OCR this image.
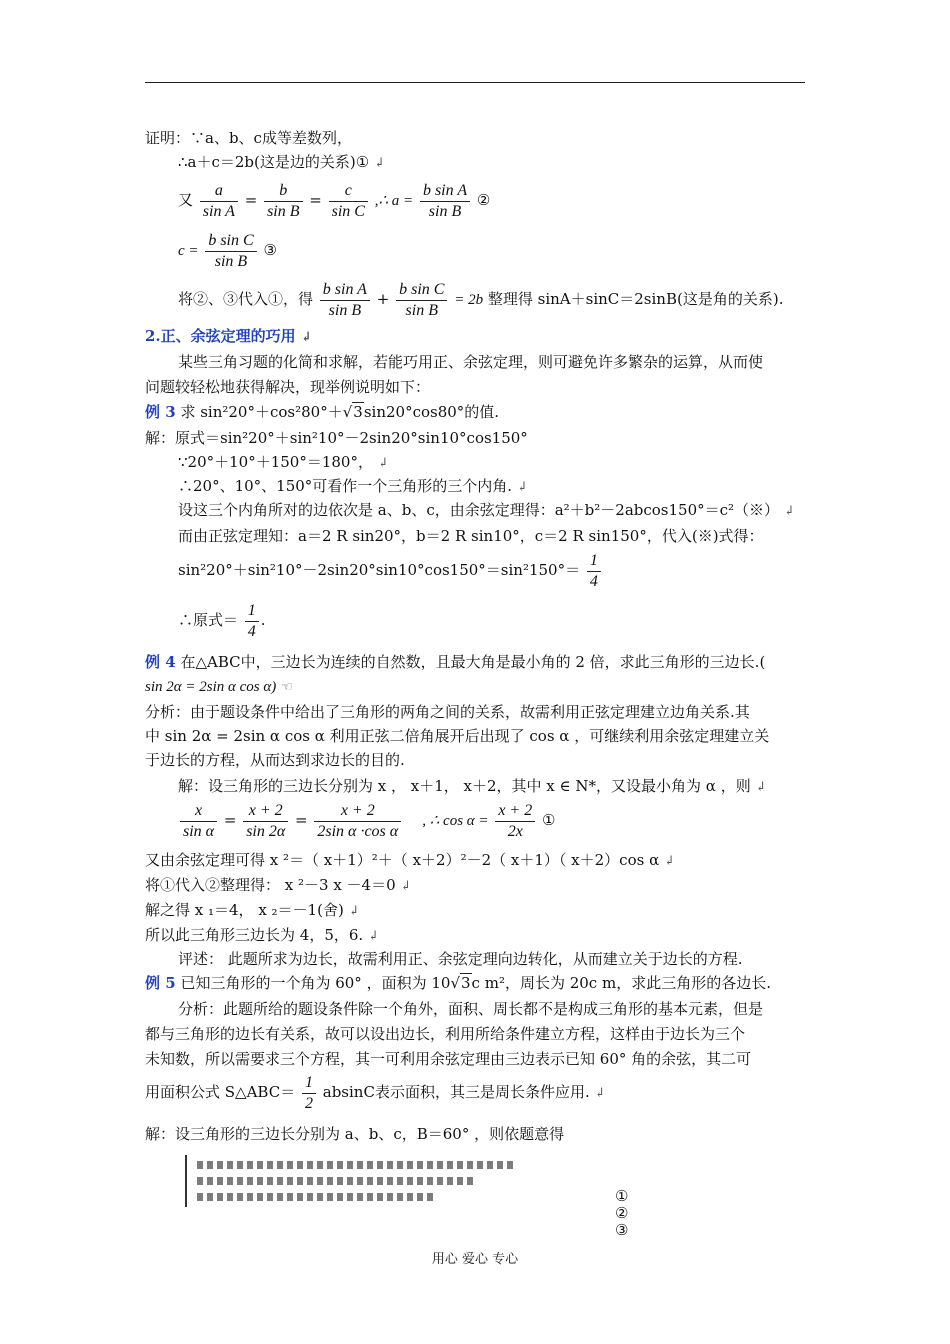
证明：∵a、b、c成等差数列，
∴a＋c＝2b(这是边的关系)① ↲
又 $\frac{a}{\text{sin A}} = \frac{b}{\text{sin B}} = \frac{c}{\text{sin C}}$ ,∴ $a = \frac{\text{b sin A}}{\text{sin B}}$ ②
$c = \frac{\text{b sin C}}{\text{sin B}}$ ③
将②、③代入①，得 $\frac{\text{b sin A}}{\text{sin B}} + \frac{\text{b sin C}}{\text{sin B}} = 2b$ 整理得 sinA＋sinC＝2sinB(这是角的关系).
2.正、余弦定理的巧用 ↲
某些三角习题的化简和求解，若能巧用正、余弦定理，则可避免许多繁杂的运算，从而使
问题较轻松地获得解决，现举例说明如下：
例 3 求 sin²20°＋cos²80°＋√3sin20°cos80°的值.
解：原式＝sin²20°＋sin²10°－2sin20°sin10°cos150°
∵20°＋10°＋150°＝180°， ↲
∴20°、10°、150°可看作一个三角形的三个内角. ↲
设这三个内角所对的边依次是 a、b、c，由余弦定理得：a²＋b²－2abcos150°＝c²（※） ↲
而由正弦定理知：a＝2 R sin20°，b＝2 R sin10°，c＝2 R sin150°，代入(※)式得：
$\sin^220^\circ+\sin^210^\circ-2\sin 20^\circ\sin 10^\circ\cos 150^\circ=\sin^2150^\circ= \frac{1}{4}$
∴原式＝ $\frac{1}{4}$ .
例 4 在△ABC中，三边长为连续的自然数，且最大角是最小角的 2 倍，求此三角形的三边长.(
sin 2α = 2sin α cos α) ☜
分析：由于题设条件中给出了三角形的两角之间的关系，故需利用正弦定理建立边角关系.其
中 sin 2α = 2sin α cos α 利用正弦二倍角展开后出现了 cos α ，可继续利用余弦定理建立关
于边长的方程，从而达到求边长的目的.
解：设三角形的三边长分别为 x ， x＋1， x＋2，其中 x ∈ N*，又设最小角为 α ，则 ↲
$\frac{x}{\text{sin α}} = \frac{x + 2}{\sin 2\alpha} = \frac{x + 2}{\text{2sin α ·cos α}}$ , ∴ $\cos \alpha = \frac{x + 2}{2x}$ ①
又由余弦定理可得 x ²＝（ x＋1）²＋（ x＋2）²－2（ x＋1）（ x＋2）cos α ↲
将①代入②整理得： x ²－3 x －4＝0 ↲
解之得 x ₁＝4， x ₂＝－1(舍) ↲
所以此三角形三边长为 4，5，6. ↲
评述： 此题所求为边长，故需利用正、余弦定理向边转化，从而建立关于边长的方程.
例 5 已知三角形的一个角为 60° ，面积为 10√3c m²，周长为 20c m，求此三角形的各边长.
分析：此题所给的题设条件除一个角外，面积、周长都不是构成三角形的基本元素，但是
都与三角形的边长有关系，故可以设出边长，利用所给条件建立方程，这样由于边长为三个
未知数，所以需要求三个方程，其一可利用余弦定理由三边表示已知 60° 角的余弦，其二可
用面积公式 S△ABC＝ $\frac{1}{2}$ absinC表示面积，其三是周长条件应用. ↲
解：设三角形的三边长分别为 a、b、c，B＝60° ，则依题意得
①
②
③
用心 爱心 专心
